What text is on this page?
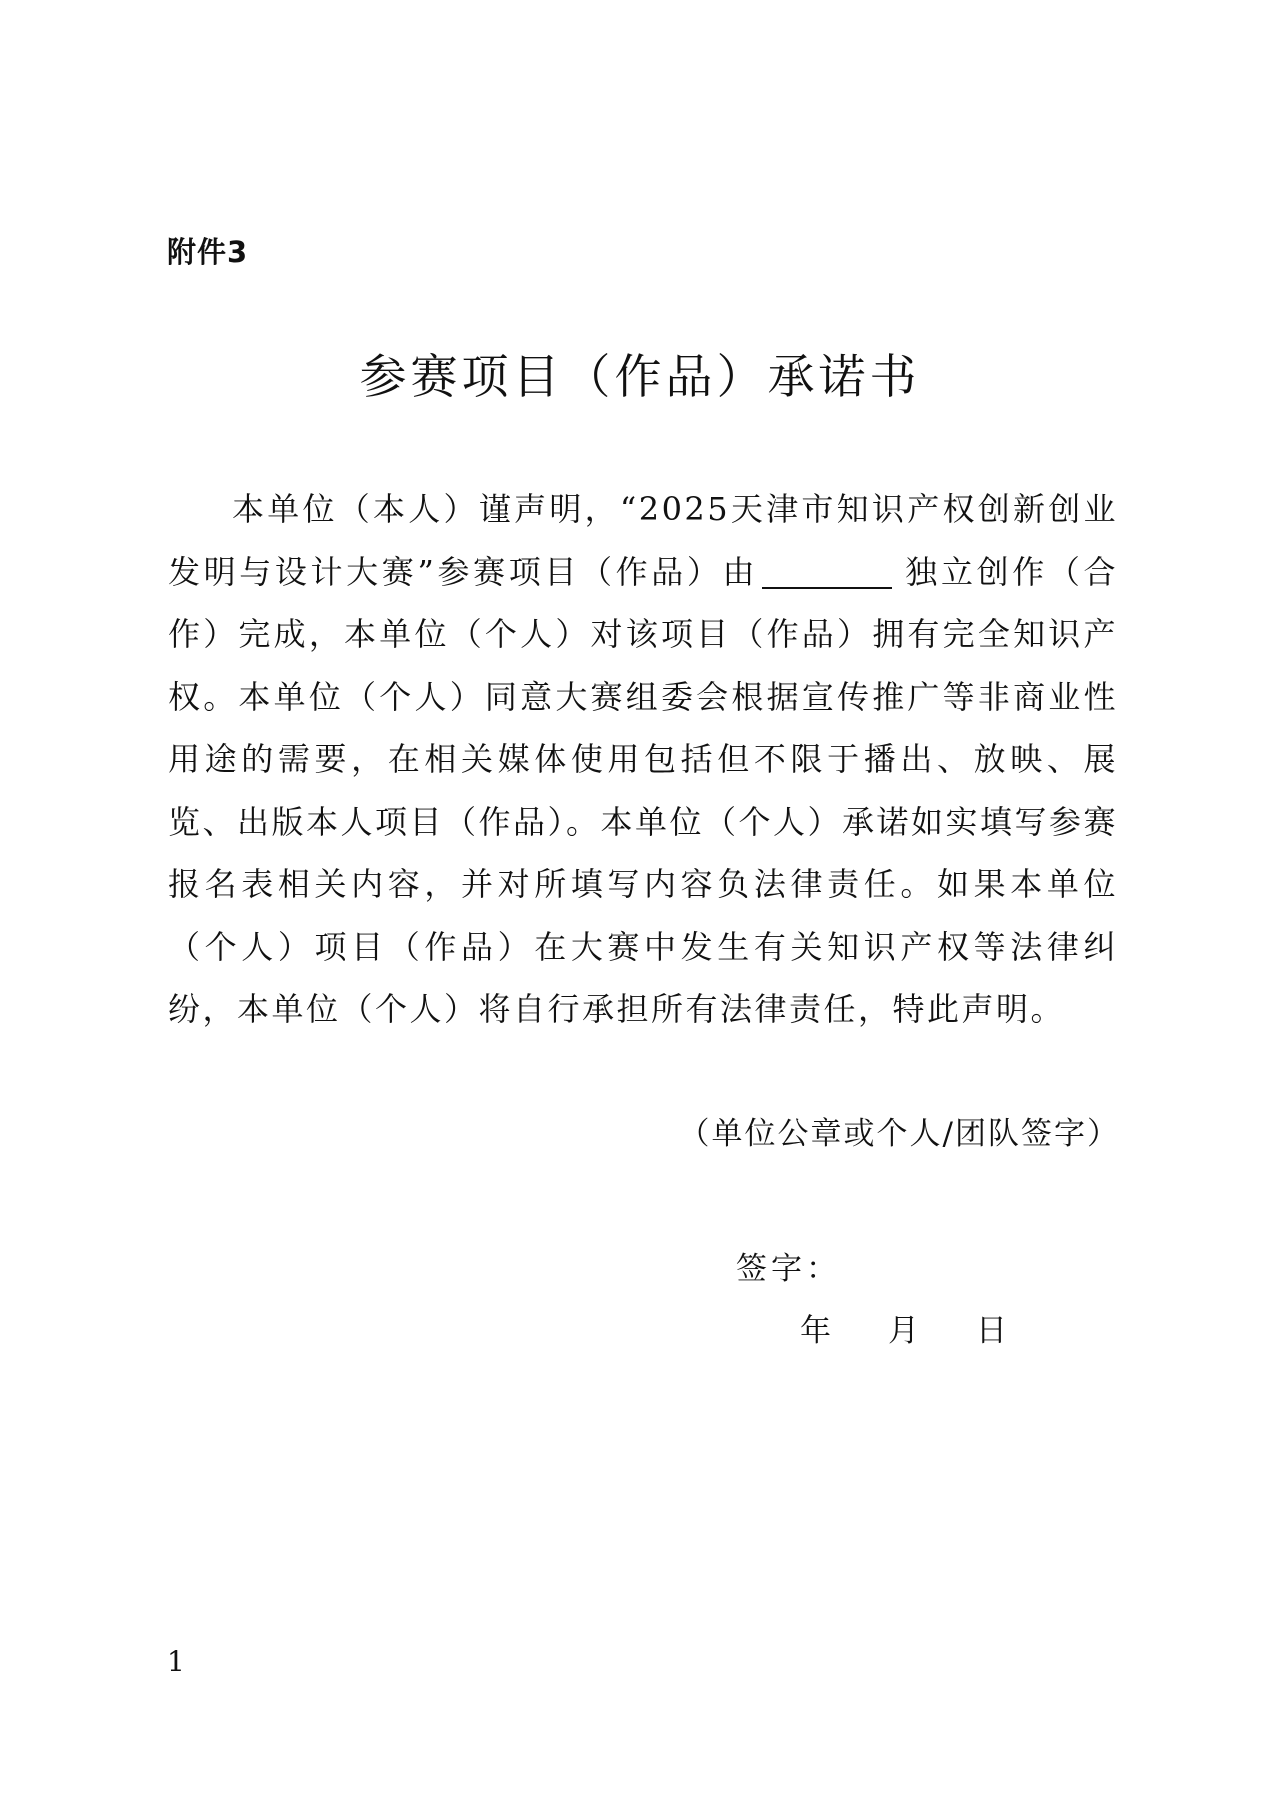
附件3
参赛项目（作品）承诺书

本单位（本人）谨声明，“2025天津市知识产权创新创业发明与设计大赛”参赛项目（作品）由	独立创作（合作）完成，本单位（个人）对该项目（作品）拥有完全知识产权。本单位（个人）同意大赛组委会根据宣传推广等非商业性用途的需要，在相关媒体使用包括但不限于播出、放映、展览、出版本人项目（作品）。本单位（个人）承诺如实填写参赛报名表相关内容，并对所填写内容负法律责任。如果本单位（个人）项目（作品）在大赛中发生有关知识产权等法律纠纷，本单位（个人）将自行承担所有法律责任，特此声明。

（单位公章或个人/团队签字）
签字：
年	月	日
1
